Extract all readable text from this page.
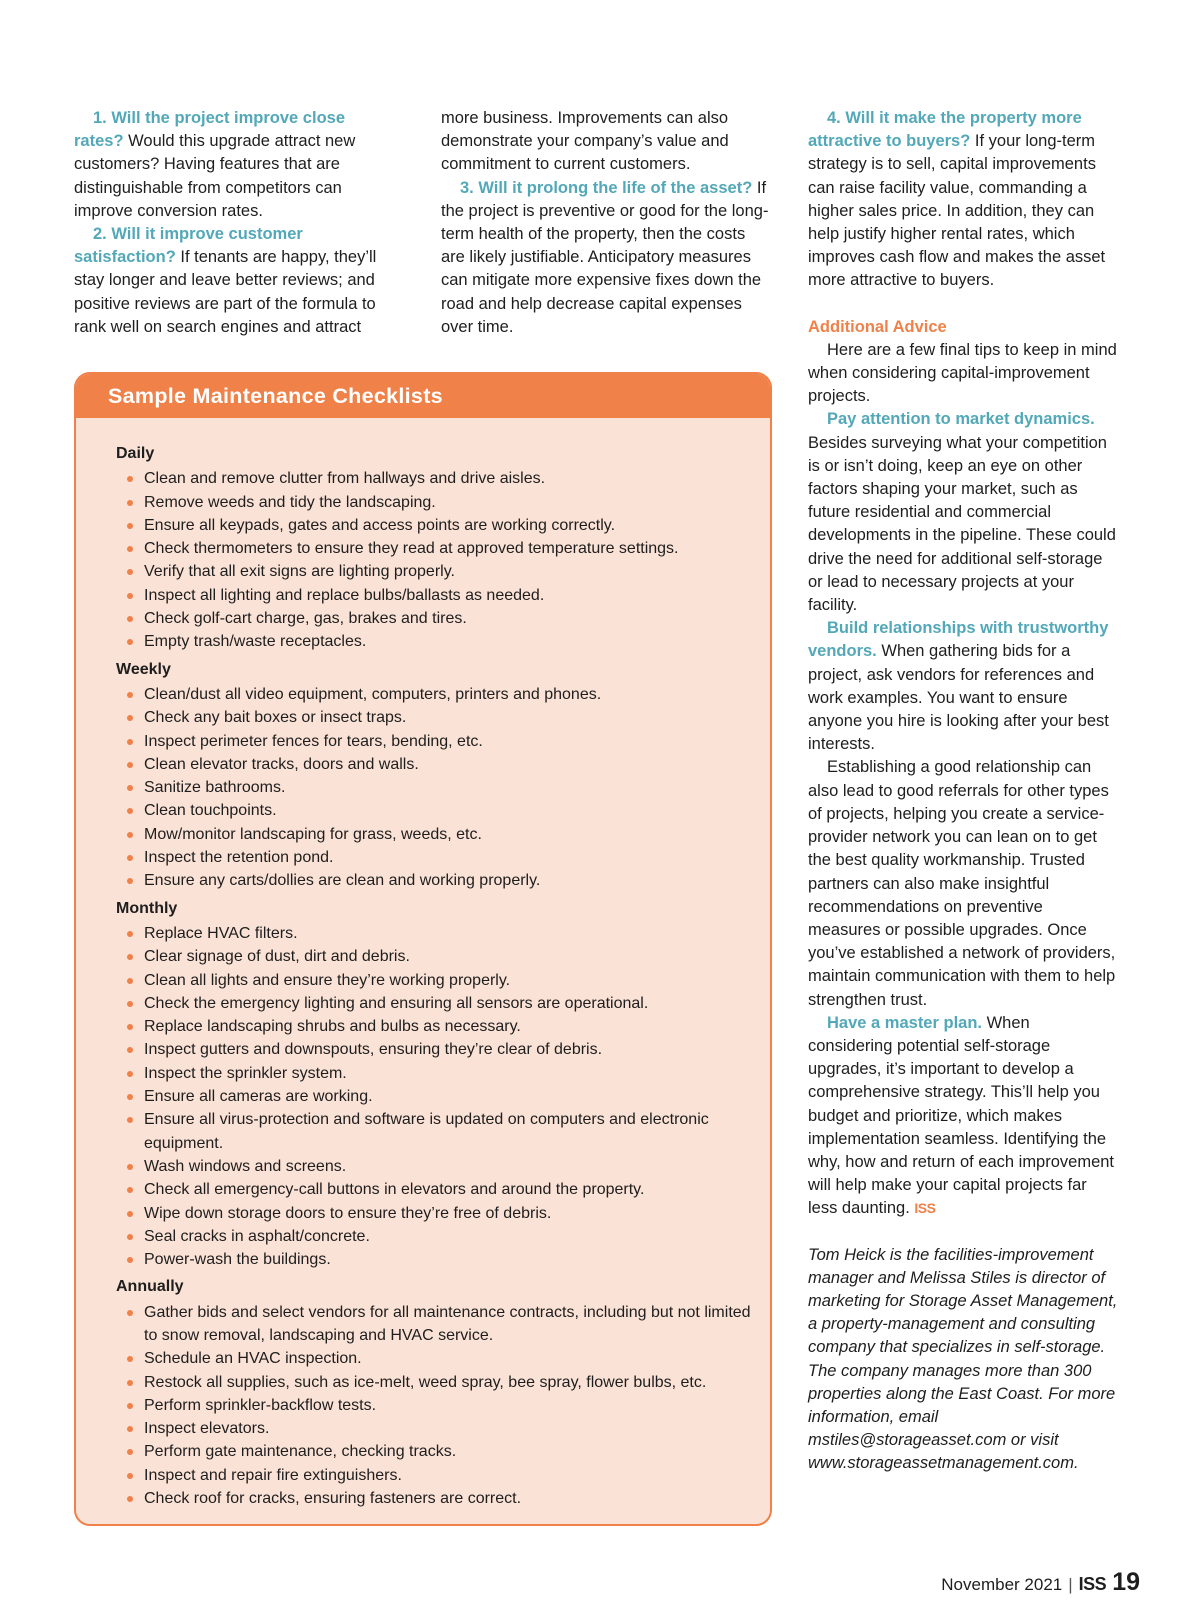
1. Will the project improve close rates? Would this upgrade attract new customers? Having features that are distinguishable from competitors can improve conversion rates.

2. Will it improve customer satisfaction? If tenants are happy, they’ll stay longer and leave better reviews; and positive reviews are part of the formula to rank well on search engines and attract

more business. Improvements can also demonstrate your company’s value and commitment to current customers.

3. Will it prolong the life of the asset? If the project is preventive or good for the long-term health of the property, then the costs are likely justifiable. Anticipatory measures can mitigate more expensive fixes down the road and help decrease capital expenses over time.

4. Will it make the property more attractive to buyers? If your long-term strategy is to sell, capital improvements can raise facility value, commanding a higher sales price. In addition, they can help justify higher rental rates, which improves cash flow and makes the asset more attractive to buyers.

Additional Advice

Here are a few final tips to keep in mind when considering capital-improvement projects.

Pay attention to market dynamics. Besides surveying what your competition is or isn’t doing, keep an eye on other factors shaping your market, such as future residential and commercial developments in the pipeline. These could drive the need for additional self-storage or lead to necessary projects at your facility.

Build relationships with trustworthy vendors. When gathering bids for a project, ask vendors for references and work examples. You want to ensure anyone you hire is looking after your best interests.

Establishing a good relationship can also lead to good referrals for other types of projects, helping you create a service-provider network you can lean on to get the best quality workmanship. Trusted partners can also make insightful recommendations on preventive measures or possible upgrades. Once you’ve established a network of providers, maintain communication with them to help strengthen trust.

Have a master plan. When considering potential self-storage upgrades, it’s important to develop a comprehensive strategy. This’ll help you budget and prioritize, which makes implementation seamless. Identifying the why, how and return of each improvement will help make your capital projects far less daunting. ISS

Tom Heick is the facilities-improvement manager and Melissa Stiles is director of marketing for Storage Asset Management, a property-management and consulting company that specializes in self-storage. The company manages more than 300 properties along the East Coast. For more information, email mstiles@storageasset.com or visit www.storageassetmanagement.com.

Sample Maintenance Checklists
Daily
Clean and remove clutter from hallways and drive aisles.
Remove weeds and tidy the landscaping.
Ensure all keypads, gates and access points are working correctly.
Check thermometers to ensure they read at approved temperature settings.
Verify that all exit signs are lighting properly.
Inspect all lighting and replace bulbs/ballasts as needed.
Check golf-cart charge, gas, brakes and tires.
Empty trash/waste receptacles.
Weekly
Clean/dust all video equipment, computers, printers and phones.
Check any bait boxes or insect traps.
Inspect perimeter fences for tears, bending, etc.
Clean elevator tracks, doors and walls.
Sanitize bathrooms.
Clean touchpoints.
Mow/monitor landscaping for grass, weeds, etc.
Inspect the retention pond.
Ensure any carts/dollies are clean and working properly.
Monthly
Replace HVAC filters.
Clear signage of dust, dirt and debris.
Clean all lights and ensure they’re working properly.
Check the emergency lighting and ensuring all sensors are operational.
Replace landscaping shrubs and bulbs as necessary.
Inspect gutters and downspouts, ensuring they’re clear of debris.
Inspect the sprinkler system.
Ensure all cameras are working.
Ensure all virus-protection and software is updated on computers and electronic equipment.
Wash windows and screens.
Check all emergency-call buttons in elevators and around the property.
Wipe down storage doors to ensure they’re free of debris.
Seal cracks in asphalt/concrete.
Power-wash the buildings.
Annually
Gather bids and select vendors for all maintenance contracts, including but not limited to snow removal, landscaping and HVAC service.
Schedule an HVAC inspection.
Restock all supplies, such as ice-melt, weed spray, bee spray, flower bulbs, etc.
Perform sprinkler-backflow tests.
Inspect elevators.
Perform gate maintenance, checking tracks.
Inspect and repair fire extinguishers.
Check roof for cracks, ensuring fasteners are correct.
November 2021 | ISS 19
